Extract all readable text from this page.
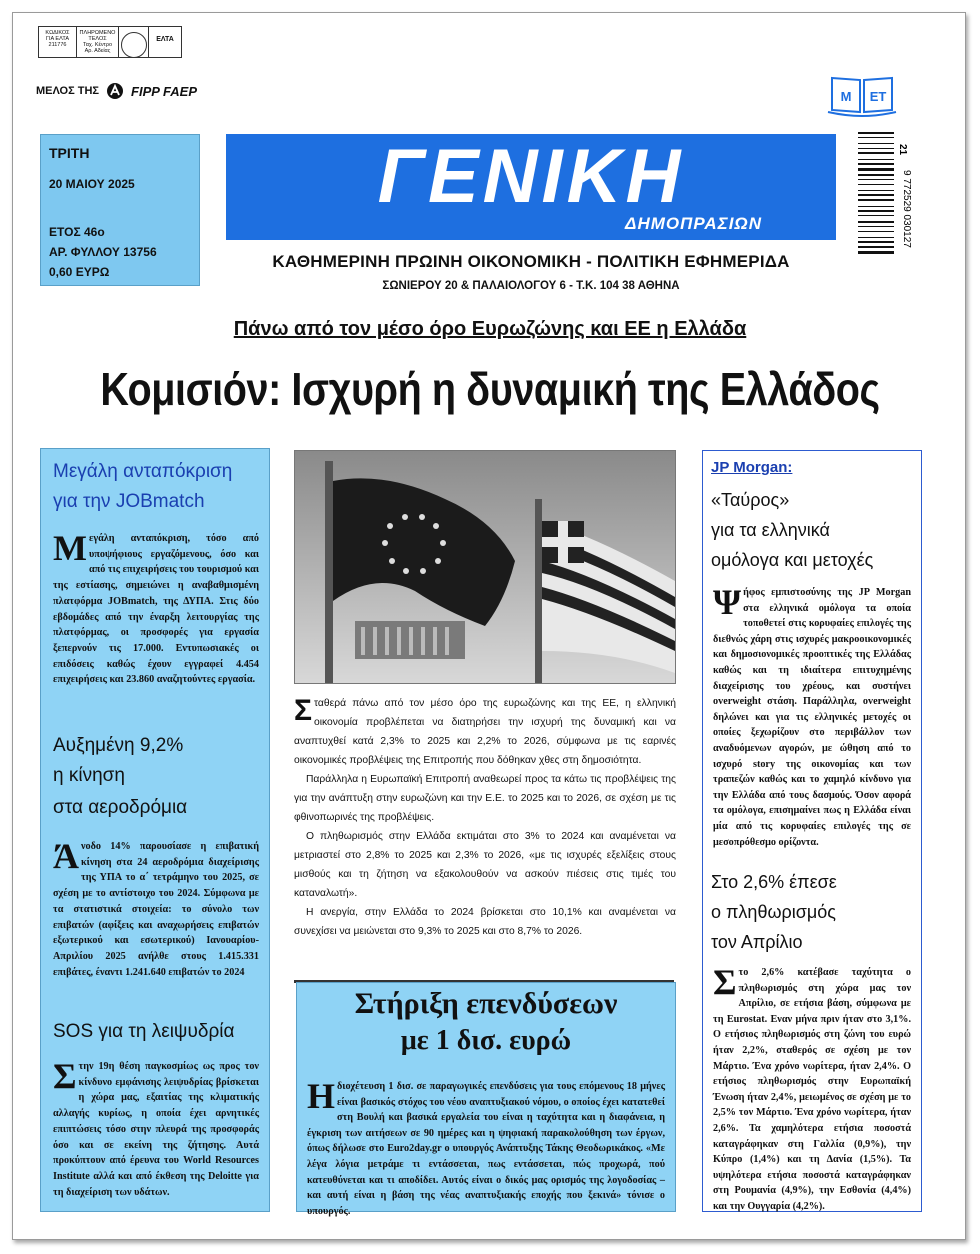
ΚΩΔΙΚΟΣ ΓΙΑ ΕΛΤΑ
211776
ΠΛΗΡΩΜΕΝΟ ΤΕΛΟΣ
Ταχ. Κέντρο
Αρ. Αδείας
ΕΛΤΑ
ΜΕΛΟΣ ΤΗΣ FIPP FAEP	Μ ΕΤ
ΤΡΙΤΗ
20 ΜΑΙΟΥ 2025
ΕΤΟΣ 46ο
ΑΡ. ΦΥΛΛΟΥ 13756
0,60 ΕΥΡΩ
ΓΕΝΙΚΗ
ΔΗΜΟΠΡΑΣΙΩΝ
ΚΑΘΗΜΕΡΙΝΗ ΠΡΩΙΝΗ ΟΙΚΟΝΟΜΙΚΗ - ΠΟΛΙΤΙΚΗ ΕΦΗΜΕΡΙΔΑ
ΣΩΝΙΕΡΟΥ 20 & ΠΑΛΑΙΟΛΟΓΟΥ 6 - Τ.Κ. 104 38 ΑΘΗΝΑ
21
9 772529 030127
Πάνω από τον μέσο όρο Ευρωζώνης και ΕΕ η Ελλάδα
Κομισιόν: Ισχυρή η δυναμική της Ελλάδος
Μεγάλη ανταπόκριση
για την JOBmatch
Μεγάλη ανταπόκριση, τόσο από υποψήφιους εργαζόμενους, όσο και από τις επιχειρήσεις του τουρισμού και της εστίασης, σημειώνει η αναβαθμισμένη πλατφόρμα JOBmatch, της ΔΥΠΑ. Στις δύο εβδομάδες από την έναρξη λειτουργίας της πλατφόρμας, οι προσφορές για εργασία ξεπερνούν τις 17.000. Εντυπωσιακές οι επιδόσεις καθώς έχουν εγγραφεί 4.454 επιχειρήσεις και 23.860 αναζητούντες εργασία.
Αυξημένη 9,2%
η κίνηση
στα αεροδρόμια
Άνοδο 14% παρουσίασε η επιβατική κίνηση στα 24 αεροδρόμια διαχείρισης της ΥΠΑ το α΄ τετράμηνο του 2025, σε σχέση με το αντίστοιχο του 2024. Σύμφωνα με τα στατιστικά στοιχεία: το σύνολο των επιβατών (αφίξεις και αναχωρήσεις επιβατών εξωτερικού και εσωτερικού) Ιανουαρίου-Απριλίου 2025 ανήλθε στους 1.415.331 επιβάτες, έναντι 1.241.640 επιβατών το 2024
SOS για τη λειψυδρία
Στην 19η θέση παγκοσμίως ως προς τον κίνδυνο εμφάνισης λειψυδρίας βρίσκεται η χώρα μας, εξαιτίας της κλιματικής αλλαγής κυρίως, η οποία έχει αρνητικές επιπτώσεις τόσο στην πλευρά της προσφοράς όσο και σε εκείνη της ζήτησης. Αυτά προκύπτουν από έρευνα του World Resources Institute αλλά και από έκθεση της Deloitte για τη διαχείριση των υδάτων.

Σταθερά πάνω από τον μέσο όρο της ευρωζώνης και της ΕΕ, η ελληνική οικονομία προβλέπεται να διατηρήσει την ισχυρή της δυναμική και να αναπτυχθεί κατά 2,3% το 2025 και 2,2% το 2026, σύμφωνα με τις εαρινές οικονομικές προβλέψεις της Επιτροπής που δόθηκαν χθες στη δημοσιότητα.

Παράλληλα η Ευρωπαϊκή Επιτροπή αναθεωρεί προς τα κάτω τις προβλέψεις της για την ανάπτυξη στην ευρωζώνη και την Ε.Ε. το 2025 και το 2026, σε σχέση με τις φθινοπωρινές της προβλέψεις.

Ο πληθωρισμός στην Ελλάδα εκτιμάται στο 3% το 2024 και αναμένεται να μετριαστεί στο 2,8% το 2025 και 2,3% το 2026, «με τις ισχυρές εξελίξεις στους μισθούς και τη ζήτηση να εξακολουθούν να ασκούν πιέσεις στις τιμές του καταναλωτή».

Η ανεργία, στην Ελλάδα το 2024 βρίσκεται στο 10,1% και αναμένεται να συνεχίσει να μειώνεται στο 9,3% το 2025 και στο 8,7% το 2026.

Στήριξη επενδύσεων
με 1 δισ. ευρώ
Η διοχέτευση 1 δισ. σε παραγωγικές επενδύσεις για τους επόμενους 18 μήνες είναι βασικός στόχος του νέου αναπτυξιακού νόμου, ο οποίος έχει κατατεθεί στη Βουλή και βασικά εργαλεία του είναι η ταχύτητα και η διαφάνεια, η έγκριση των αιτήσεων σε 90 ημέρες και η ψηφιακή παρακολούθηση των έργων, όπως δήλωσε στο Euro2day.gr ο υπουργός Ανάπτυξης Τάκης Θεοδωρικάκος. «Με λέγα λόγια μετράμε τι εντάσσεται, πως εντάσσεται, πώς προχωρά, πού κατευθύνεται και τι αποδίδει. Αυτός είναι ο δικός μας ορισμός της λογοδοσίας – και αυτή είναι η βάση της νέας αναπτυξιακής εποχής που ξεκινά» τόνισε ο υπουργός.
JP Morgan:
«Ταύρος»
για τα ελληνικά
ομόλογα και μετοχές
Ψήφος εμπιστοσύνης της JP Morgan στα ελληνικά ομόλογα τα οποία τοποθετεί στις κορυφαίες επιλογές της διεθνώς χάρη στις ισχυρές μακροοικονομικές και δημοσιονομικές προοπτικές της Ελλάδας καθώς και τη ιδιαίτερα επιτυχημένης διαχείρισης του χρέους, και συστήνει overweight στάση. Παράλληλα, overweight δηλώνει και για τις ελληνικές μετοχές οι οποίες ξεχωρίζουν στο περιβάλλον των αναδυόμενων αγορών, με ώθηση από το ισχυρό story της οικονομίας και των τραπεζών καθώς και το χαμηλό κίνδυνο για την Ελλάδα από τους δασμούς. Όσον αφορά τα ομόλογα, επισημαίνει πως η Ελλάδα είναι μία από τις κορυφαίες επιλογές της σε μεσοπρόθεσμο ορίζοντα.
Στο 2,6% έπεσε
ο πληθωρισμός
τον Απρίλιο
Στο 2,6% κατέβασε ταχύτητα ο πληθωρισμός στη χώρα μας τον Απρίλιο, σε ετήσια βάση, σύμφωνα με τη Eurostat. Εναν μήνα πριν ήταν στο 3,1%. Ο ετήσιος πληθωρισμός στη ζώνη του ευρώ ήταν 2,2%, σταθερός σε σχέση με τον Μάρτιο. Ένα χρόνο νωρίτερα, ήταν 2,4%. Ο ετήσιος πληθωρισμός στην Ευρωπαϊκή Ένωση ήταν 2,4%, μειωμένος σε σχέση με το 2,5% τον Μάρτιο. Ένα χρόνο νωρίτερα, ήταν 2,6%. Τα χαμηλότερα ετήσια ποσοστά καταγράφηκαν στη Γαλλία (0,9%), την Κύπρο (1,4%) και τη Δανία (1,5%). Τα υψηλότερα ετήσια ποσοστά καταγράφηκαν στη Ρουμανία (4,9%), την Εσθονία (4,4%) και την Ουγγαρία (4,2%).
